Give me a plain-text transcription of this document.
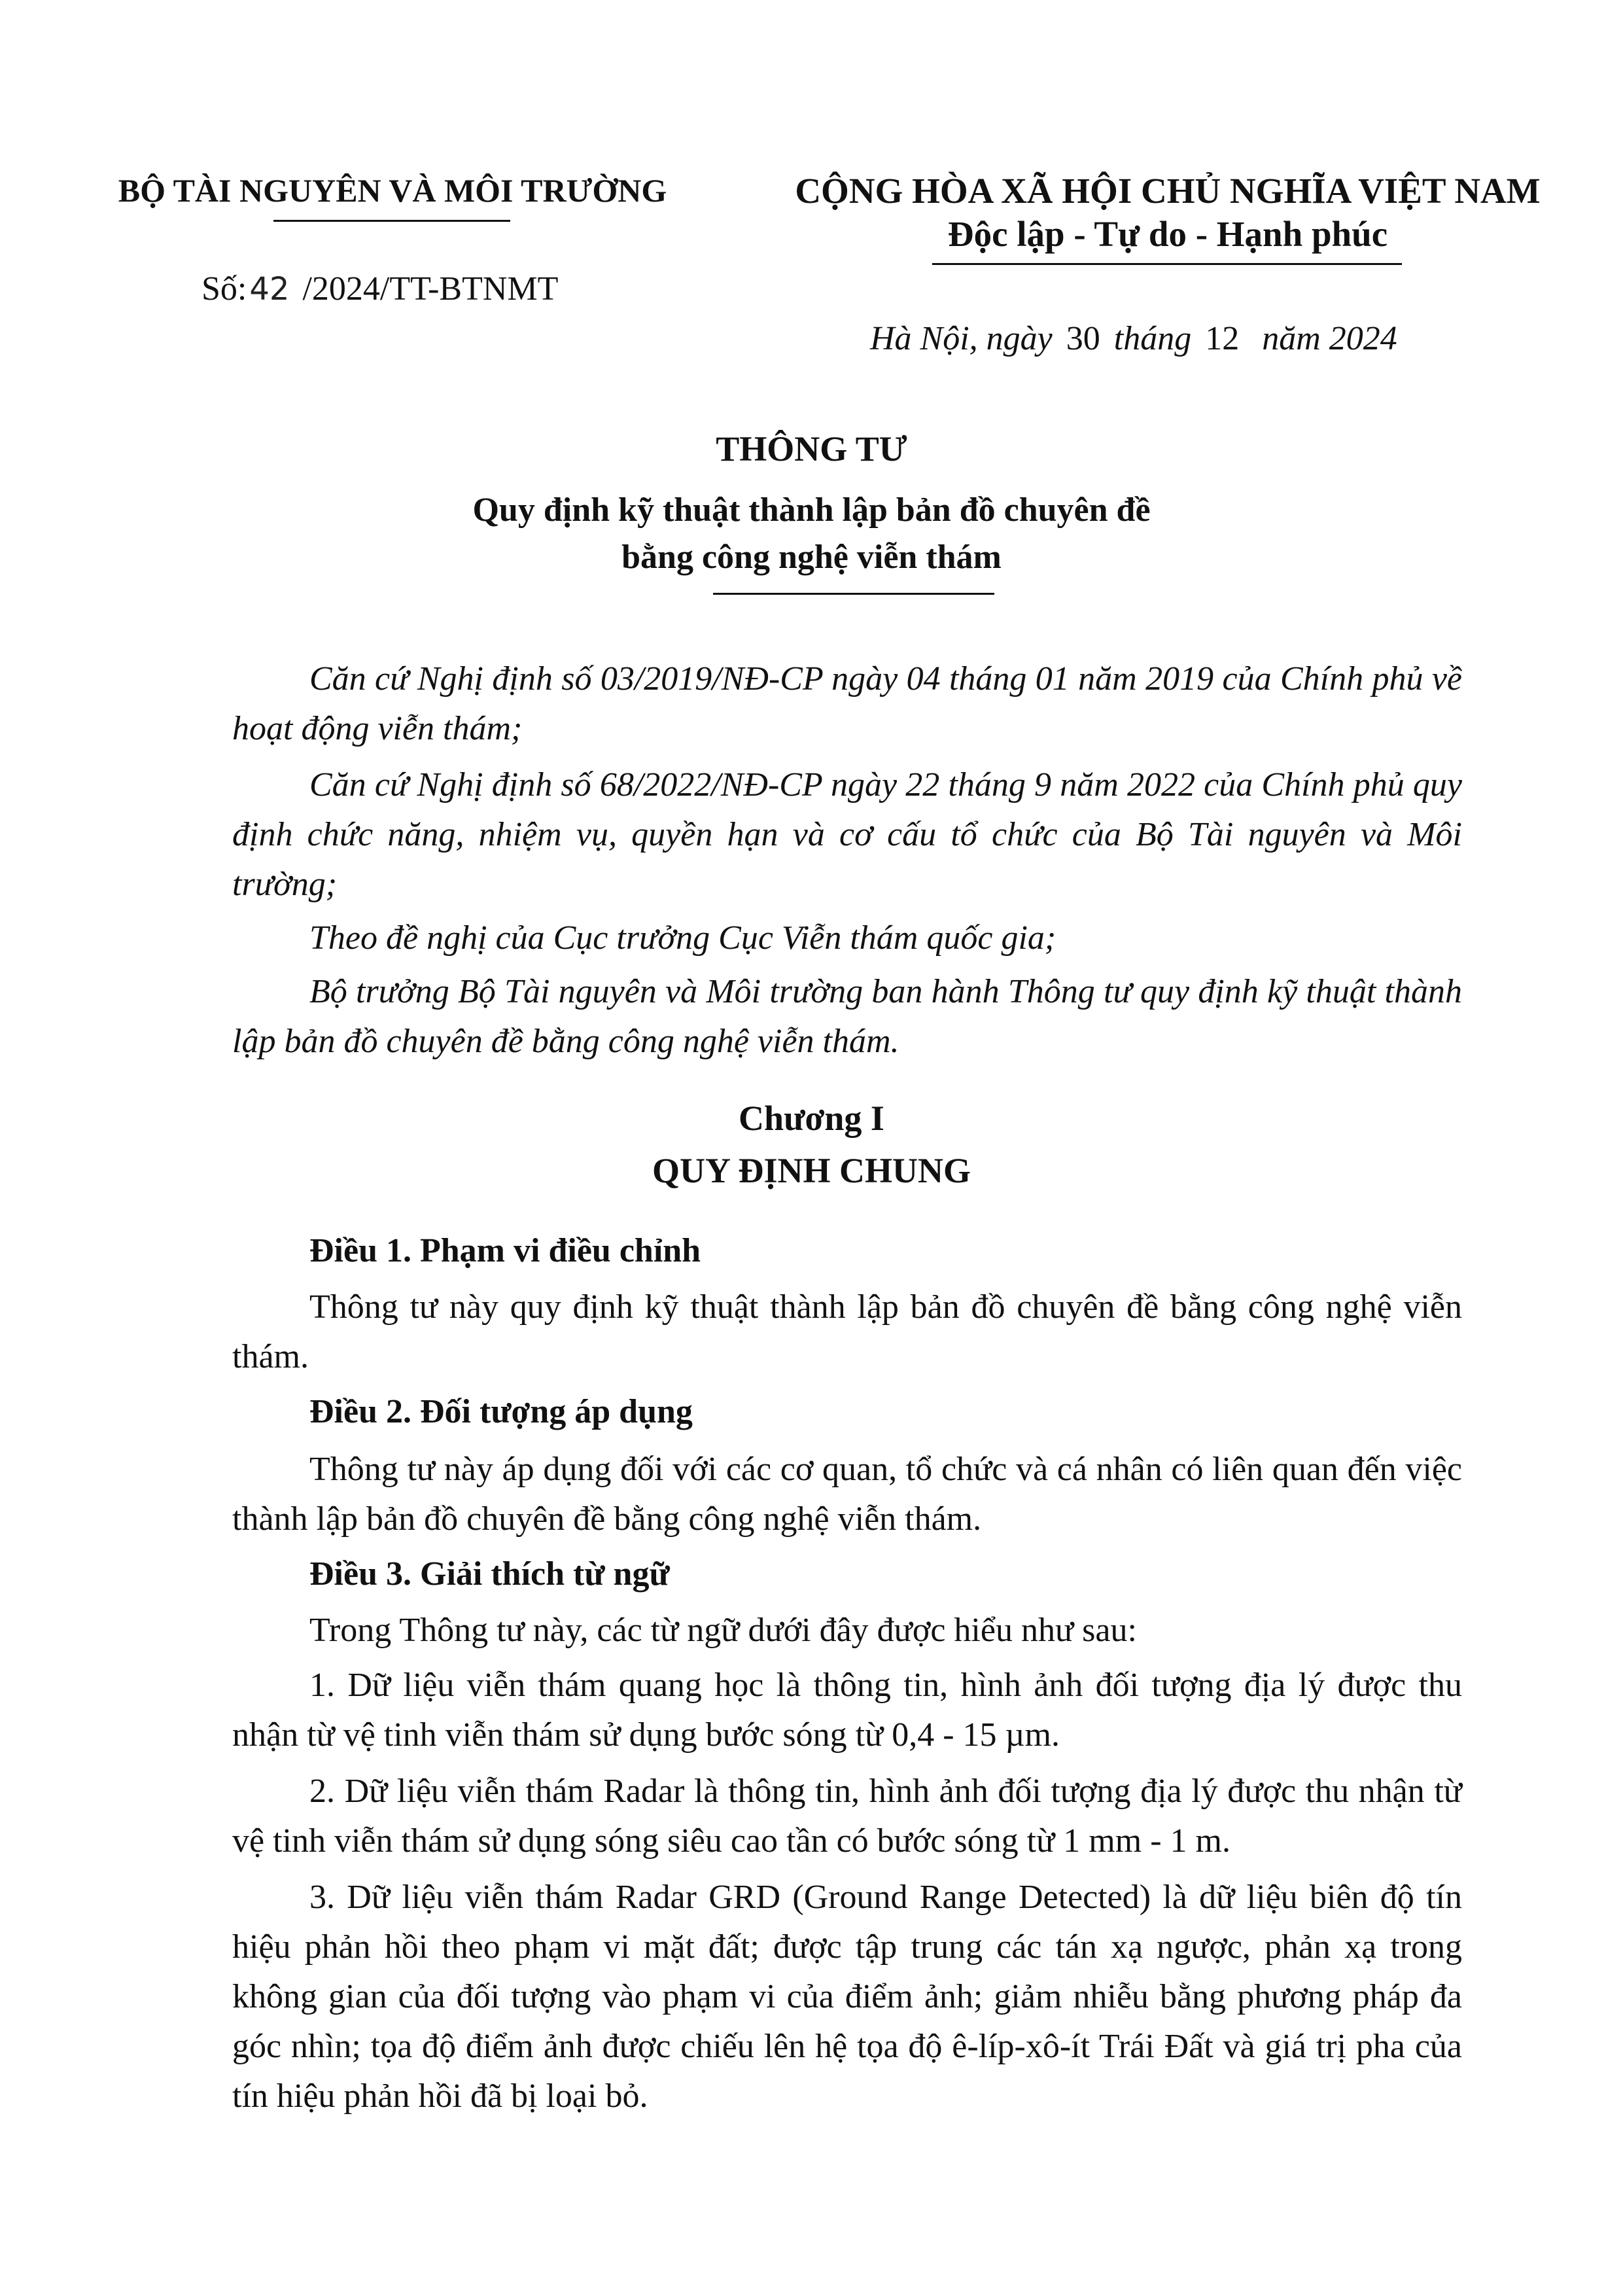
BỘ TÀI NGUYÊN VÀ MÔI TRƯỜNG
Số:42 /2024/TT-BTNMT
CỘNG HÒA XÃ HỘI CHỦ NGHĨA VIỆT NAM
Độc lập - Tự do - Hạnh phúc
Hà Nội, ngày 30 tháng 12 năm 2024
THÔNG TƯ
Quy định kỹ thuật thành lập bản đồ chuyên đề
bằng công nghệ viễn thám

Căn cứ Nghị định số 03/2019/NĐ-CP ngày 04 tháng 01 năm 2019 của Chính phủ về hoạt động viễn thám;

Căn cứ Nghị định số 68/2022/NĐ-CP ngày 22 tháng 9 năm 2022 của Chính phủ quy định chức năng, nhiệm vụ, quyền hạn và cơ cấu tổ chức của Bộ Tài nguyên và Môi trường;

Theo đề nghị của Cục trưởng Cục Viễn thám quốc gia;

Bộ trưởng Bộ Tài nguyên và Môi trường ban hành Thông tư quy định kỹ thuật thành lập bản đồ chuyên đề bằng công nghệ viễn thám.

Chương I
QUY ĐỊNH CHUNG

Điều 1. Phạm vi điều chỉnh

Thông tư này quy định kỹ thuật thành lập bản đồ chuyên đề bằng công nghệ viễn thám.

Điều 2. Đối tượng áp dụng

Thông tư này áp dụng đối với các cơ quan, tổ chức và cá nhân có liên quan đến việc thành lập bản đồ chuyên đề bằng công nghệ viễn thám.

Điều 3. Giải thích từ ngữ

Trong Thông tư này, các từ ngữ dưới đây được hiểu như sau:

1. Dữ liệu viễn thám quang học là thông tin, hình ảnh đối tượng địa lý được thu nhận từ vệ tinh viễn thám sử dụng bước sóng từ 0,4 - 15 µm.

2. Dữ liệu viễn thám Radar là thông tin, hình ảnh đối tượng địa lý được thu nhận từ vệ tinh viễn thám sử dụng sóng siêu cao tần có bước sóng từ 1 mm - 1 m.

3. Dữ liệu viễn thám Radar GRD (Ground Range Detected) là dữ liệu biên độ tín hiệu phản hồi theo phạm vi mặt đất; được tập trung các tán xạ ngược, phản xạ trong không gian của đối tượng vào phạm vi của điểm ảnh; giảm nhiễu bằng phương pháp đa góc nhìn; tọa độ điểm ảnh được chiếu lên hệ tọa độ ê-líp-xô-ít Trái Đất và giá trị pha của tín hiệu phản hồi đã bị loại bỏ.
